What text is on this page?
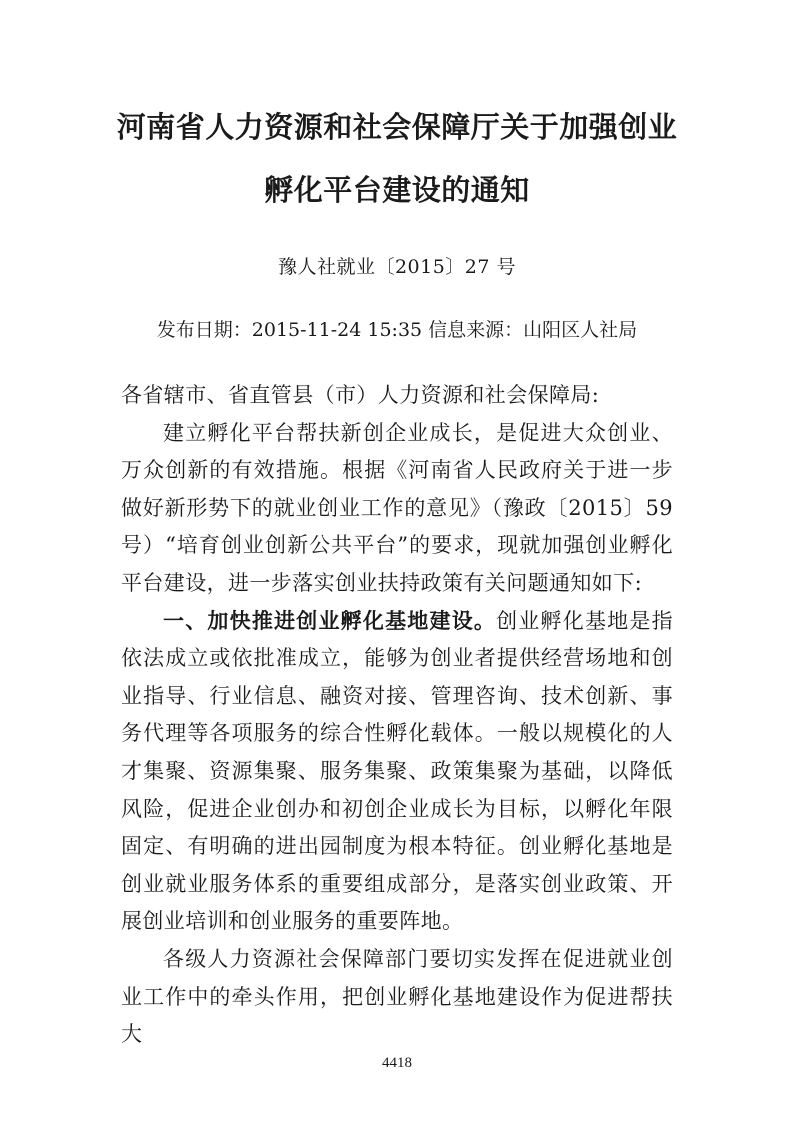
河南省人力资源和社会保障厅关于加强创业
孵化平台建设的通知
豫人社就业〔2015〕27 号
发布日期：2015-11-24 15:35 信息来源：山阳区人社局

各省辖市、省直管县（市）人力资源和社会保障局:

建立孵化平台帮扶新创企业成长，是促进大众创业、万众创新的有效措施。根据《河南省人民政府关于进一步做好新形势下的就业创业工作的意见》（豫政〔2015〕59 号）“培育创业创新公共平台”的要求，现就加强创业孵化平台建设，进一步落实创业扶持政策有关问题通知如下:

一、加快推进创业孵化基地建设。创业孵化基地是指依法成立或依批准成立，能够为创业者提供经营场地和创业指导、行业信息、融资对接、管理咨询、技术创新、事务代理等各项服务的综合性孵化载体。一般以规模化的人才集聚、资源集聚、服务集聚、政策集聚为基础，以降低风险，促进企业创办和初创企业成长为目标，以孵化年限固定、有明确的进出园制度为根本特征。创业孵化基地是创业就业服务体系的重要组成部分，是落实创业政策、开展创业培训和创业服务的重要阵地。

各级人力资源社会保障部门要切实发挥在促进就业创业工作中的牵头作用，把创业孵化基地建设作为促进帮扶大

4418
